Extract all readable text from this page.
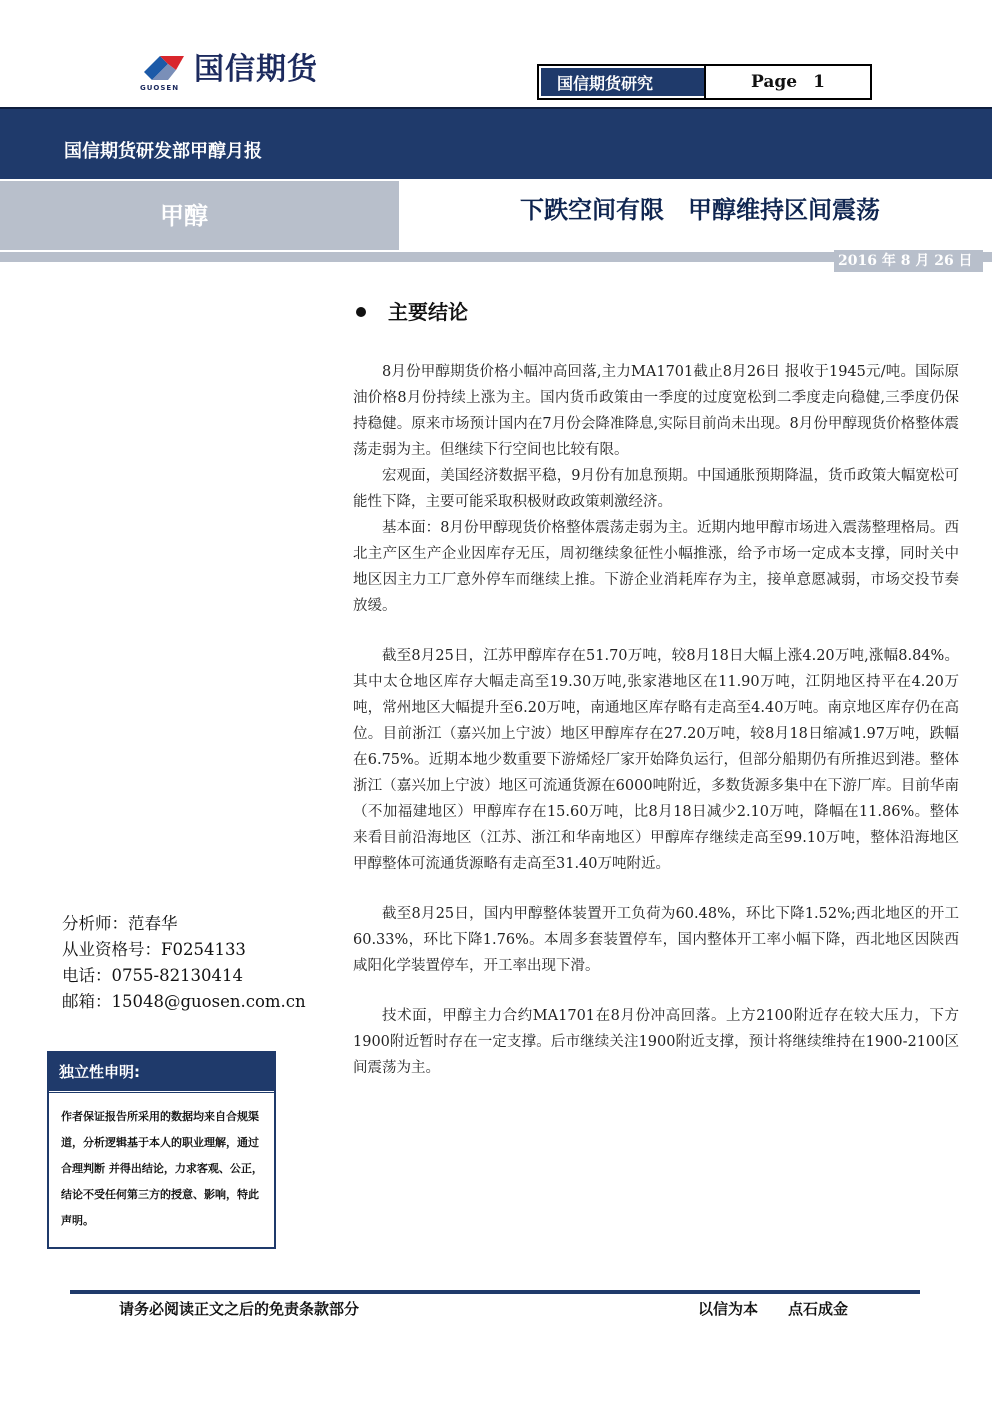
国信期货
GUOSEN	国信期货研究	Page 1
国信期货研发部甲醇月报
甲醇	下跌空间有限　甲醇维持区间震荡
2016 年 8 月 26 日
主要结论

8月份甲醇期货价格小幅冲高回落,主力MA1701截止8月26日 报收于1945元/吨。国际原油价格8月份持续上涨为主。国内货币政策由一季度的过度宽松到二季度走向稳健,三季度仍保持稳健。原来市场预计国内在7月份会降准降息,实际目前尚未出现。8月份甲醇现货价格整体震荡走弱为主。但继续下行空间也比较有限。

宏观面，美国经济数据平稳，9月份有加息预期。中国通胀预期降温，货币政策大幅宽松可能性下降，主要可能采取积极财政政策刺激经济。

基本面：8月份甲醇现货价格整体震荡走弱为主。近期内地甲醇市场进入震荡整理格局。西北主产区生产企业因库存无压，周初继续象征性小幅推涨，给予市场一定成本支撑，同时关中地区因主力工厂意外停车而继续上推。下游企业消耗库存为主，接单意愿减弱，市场交投节奏放缓。

截至8月25日，江苏甲醇库存在51.70万吨，较8月18日大幅上涨4.20万吨,涨幅8.84%。其中太仓地区库存大幅走高至19.30万吨,张家港地区在11.90万吨，江阴地区持平在4.20万吨，常州地区大幅提升至6.20万吨，南通地区库存略有走高至4.40万吨。南京地区库存仍在高位。目前浙江（嘉兴加上宁波）地区甲醇库存在27.20万吨，较8月18日缩减1.97万吨，跌幅在6.75%。近期本地少数重要下游烯烃厂家开始降负运行，但部分船期仍有所推迟到港。整体浙江（嘉兴加上宁波）地区可流通货源在6000吨附近，多数货源多集中在下游厂库。目前华南（不加福建地区）甲醇库存在15.60万吨，比8月18日减少2.10万吨，降幅在11.86%。整体来看目前沿海地区（江苏、浙江和华南地区）甲醇库存继续走高至99.10万吨，整体沿海地区甲醇整体可流通货源略有走高至31.40万吨附近。

截至8月25日，国内甲醇整体装置开工负荷为60.48%，环比下降1.52%;西北地区的开工60.33%，环比下降1.76%。本周多套装置停车，国内整体开工率小幅下降，西北地区因陕西咸阳化学装置停车，开工率出现下滑。

技术面，甲醇主力合约MA1701在8月份冲高回落。上方2100附近存在较大压力，下方1900附近暂时存在一定支撑。后市继续关注1900附近支撑，预计将继续维持在1900-2100区间震荡为主。

分析师：范春华
从业资格号：F0254133
电话：0755-82130414
邮箱：15048@guosen.com.cn
独立性申明:
作者保证报告所采用的数据均来自合规渠道，分析逻辑基于本人的职业理解，通过合理判断 并得出结论，力求客观、公正，结论不受任何第三方的授意、影响，特此声明。
请务必阅读正文之后的免责条款部分	以信为本　　点石成金
